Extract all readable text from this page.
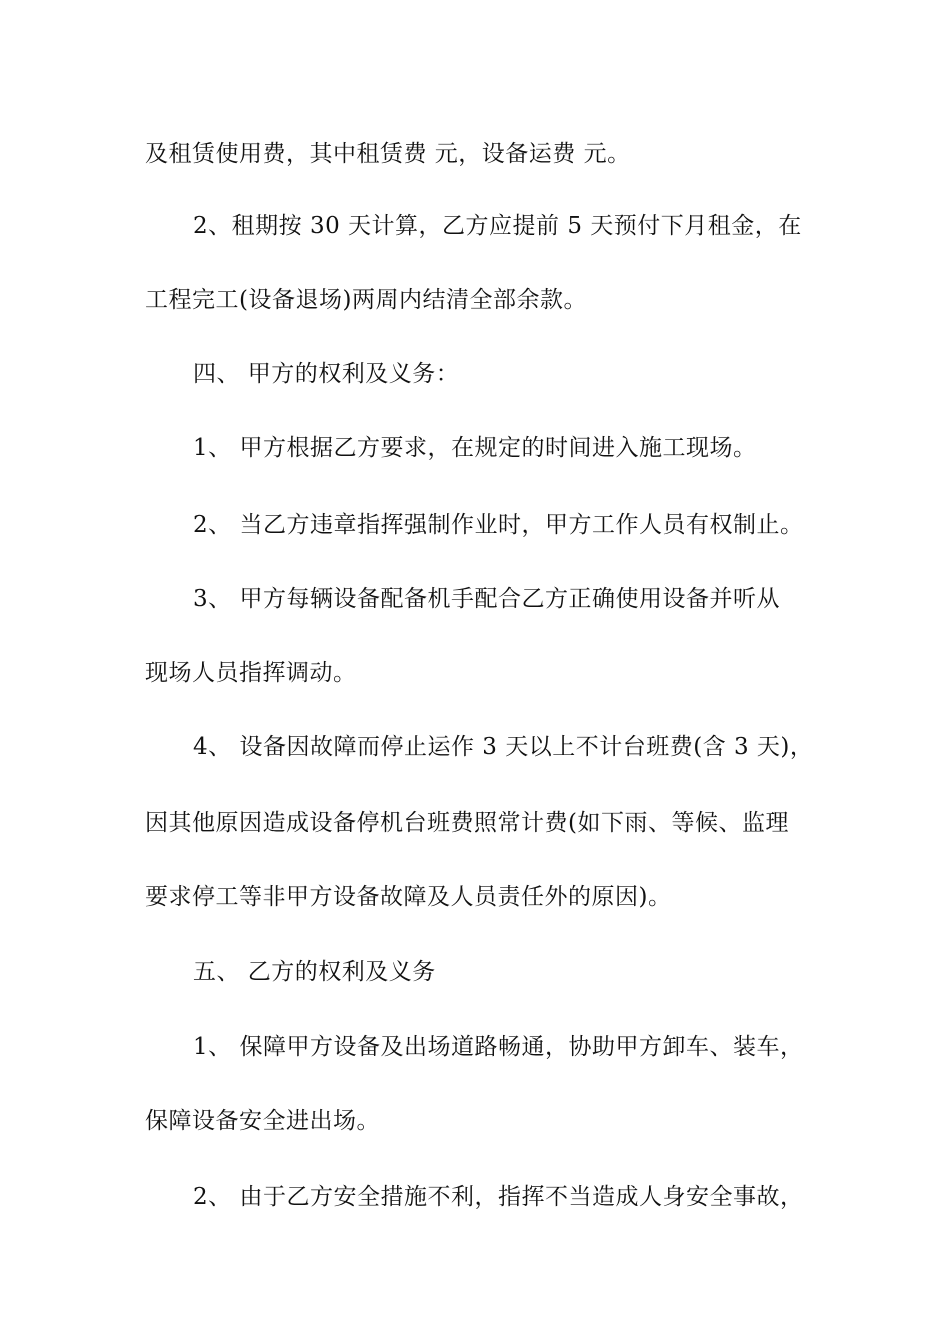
及租赁使用费，其中租赁费 元，设备运费 元。
2、租期按 30 天计算，乙方应提前 5 天预付下月租金，在
工程完工(设备退场)两周内结清全部余款。
四、 甲方的权利及义务：
1、 甲方根据乙方要求，在规定的时间进入施工现场。
2、 当乙方违章指挥强制作业时，甲方工作人员有权制止。
3、 甲方每辆设备配备机手配合乙方正确使用设备并听从
现场人员指挥调动。
4、 设备因故障而停止运作 3 天以上不计台班费(含 3 天)，
因其他原因造成设备停机台班费照常计费(如下雨、等候、监理
要求停工等非甲方设备故障及人员责任外的原因)。
五、 乙方的权利及义务
1、 保障甲方设备及出场道路畅通，协助甲方卸车、装车，
保障设备安全进出场。
2、 由于乙方安全措施不利，指挥不当造成人身安全事故，
